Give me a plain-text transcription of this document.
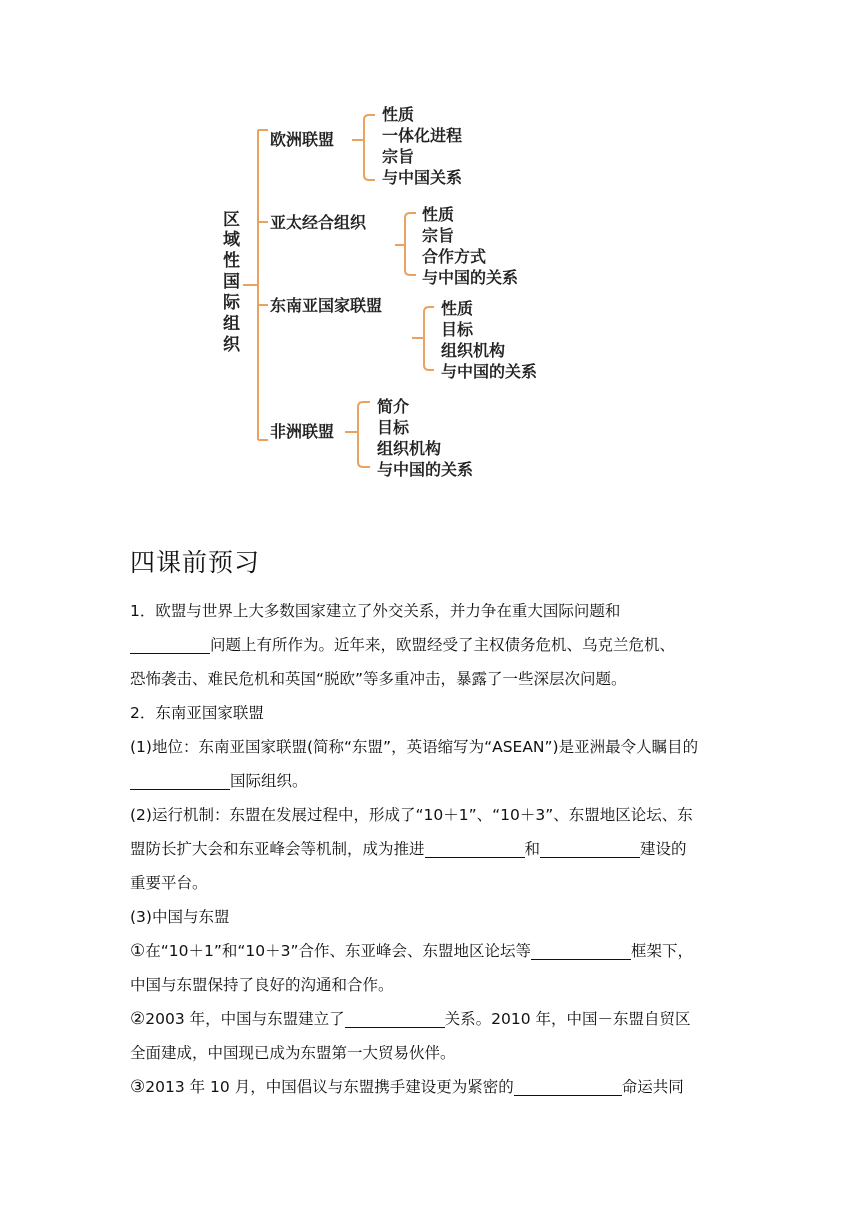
区
域
性
国
际
组
织
欧洲联盟
性质
一体化进程
宗旨
与中国关系
亚太经合组织	性质
宗旨
合作方式
与中国的关系
东南亚国家联盟	性质
目标
组织机构
与中国的关系
非洲联盟
简介
目标
组织机构
与中国的关系
四课前预习
1．欧盟与世界上大多数国家建立了外交关系，并力争在重大国际问题和
问题上有所作为。近年来，欧盟经受了主权债务危机、乌克兰危机、
恐怖袭击、难民危机和英国“脱欧”等多重冲击，暴露了一些深层次问题。
2．东南亚国家联盟
(1)地位：东南亚国家联盟(简称“东盟”，英语缩写为“ASEAN”)是亚洲最令人瞩目的
国际组织。
(2)运行机制：东盟在发展过程中，形成了“10＋1”、“10＋3”、东盟地区论坛、东
盟防长扩大会和东亚峰会等机制，成为推进	和	建设的
重要平台。
(3)中国与东盟
①在“10＋1”和“10＋3”合作、东亚峰会、东盟地区论坛等	框架下，
中国与东盟保持了良好的沟通和合作。
②2003 年，中国与东盟建立了	关系。2010 年，中国－东盟自贸区
全面建成，中国现已成为东盟第一大贸易伙伴。
③2013 年 10 月，中国倡议与东盟携手建设更为紧密的	命运共同
